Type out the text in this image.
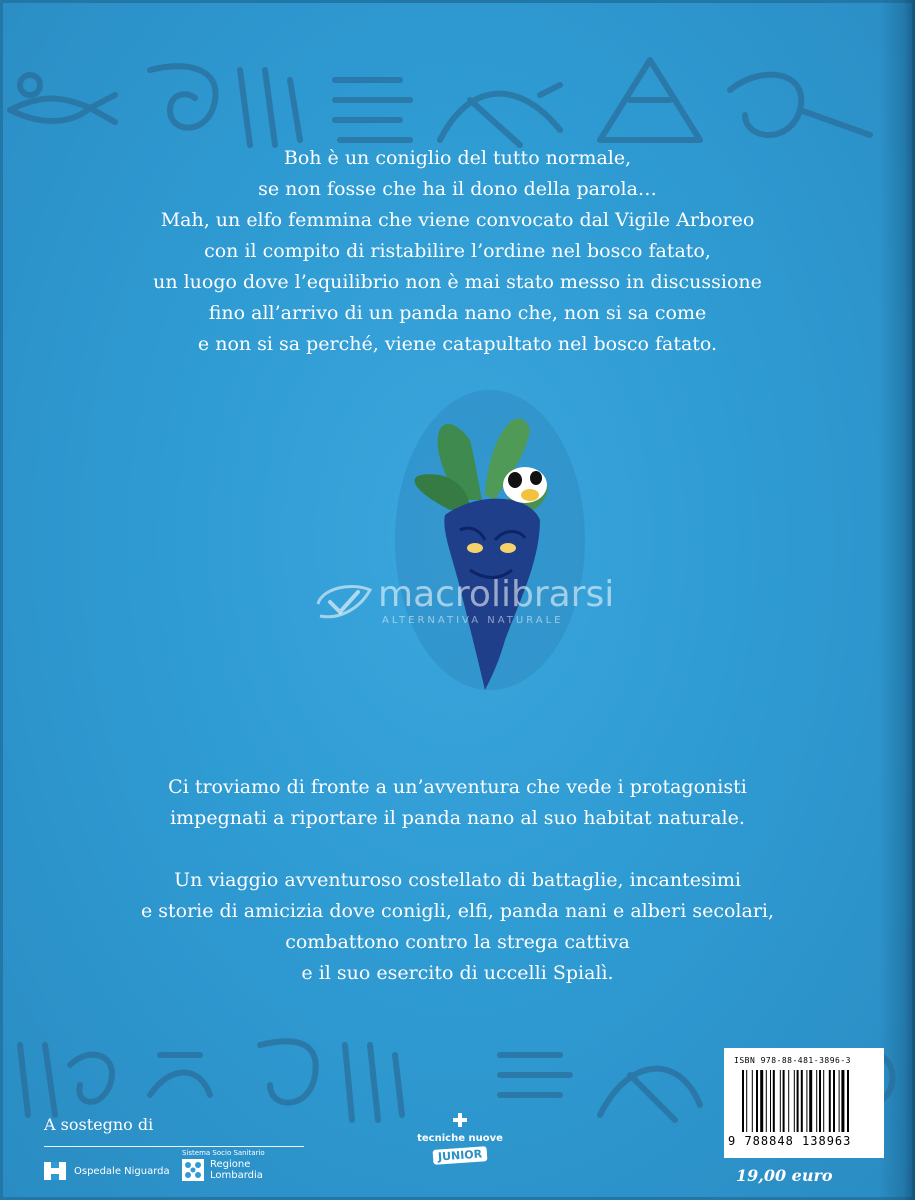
Boh è un coniglio del tutto normale,
se non fosse che ha il dono della parola…
Mah, un elfo femmina che viene convocato dal Vigile Arboreo
con il compito di ristabilire l’ordine nel bosco fatato,
un luogo dove l’equilibrio non è mai stato messo in discussione
fino all’arrivo di un panda nano che, non si sa come
e non si sa perché, viene catapultato nel bosco fatato.

macrolibrarsi
ALTERNATIVA NATURALE

Ci troviamo di fronte a un’avventura che vede i protagonisti
impegnati a riportare il panda nano al suo habitat naturale.

Un viaggio avventuroso costellato di battaglie, incantesimi
e storie di amicizia dove conigli, elfi, panda nani e alberi secolari,
combattono contro la strega cattiva
e il suo esercito di uccelli Spialì.

A sostegno di

Sistema Socio Sanitario
Ospedale Niguarda
Regione
Lombardia
tecniche nuove
JUNIOR
ISBN 978-88-481-3896-3
9 788848 138963
19,00 euro
